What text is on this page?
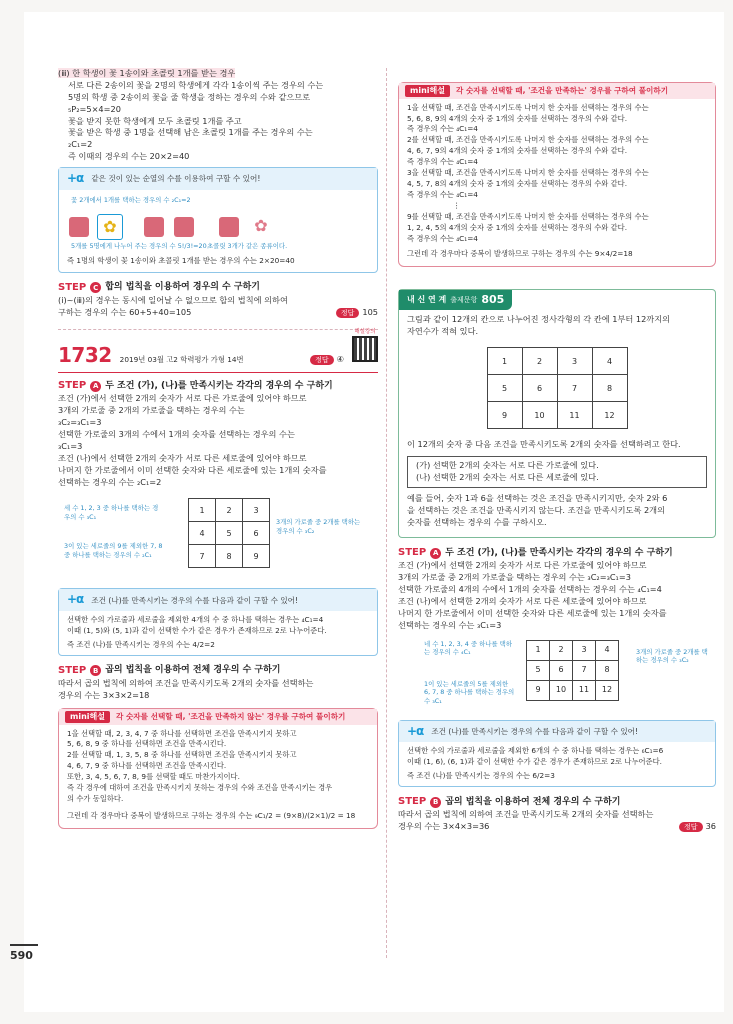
(ⅲ) 한 학생이 꽃 1송이와 초콜릿 1개를 받는 경우

서로 다른 2송이의 꽃을 2명의 학생에게 각각 1송이씩 주는 경우의 수는

5명의 학생 중 2송이의 꽃을 줄 학생을 정하는 경우의 수와 같으므로

₅P₂=5×4=20

꽃을 받지 못한 학생에게 모두 초콜릿 1개를 주고

꽃을 받은 학생 중 1명을 선택해 남은 초콜릿 1개를 주는 경우의 수는

₂C₁=2

즉 이때의 경우의 수는 20×2=40

+α 같은 것이 있는 순열의 수를 이용하여 구할 수 있어!
꽃 2개에서 1개를 택하는 경우의 수 ₂C₁=2
✿	✿
5개를 5명에게 나누어 주는 경우의 수 5!/3!=20 초콜릿 3개가 같은 종류이다.

즉 1명의 학생이 꽃 1송이와 초콜릿 1개를 받는 경우의 수는 2×20=40

STEP C 합의 법칙을 이용하여 경우의 수 구하기

(ⅰ)~(ⅲ)의 경우는 동시에 일어날 수 없으므로 합의 법칙에 의하여

구하는 경우의 수는 60+5+40=105	정답 105

1732 2019년 03월 고2 학력평가 가형 14번	정답 ④
해설강의
STEP A 두 조건 (가), (나)를 만족시키는 각각의 경우의 수 구하기

조건 (가)에서 선택한 2개의 숫자가 서로 다른 가로줄에 있어야 하므로

3개의 가로줄 중 2개의 가로줄을 택하는 경우의 수는

₃C₂=₃C₁=3

선택한 가로줄의 3개의 수에서 1개의 숫자를 선택하는 경우의 수는

₃C₁=3

조건 (나)에서 선택한 2개의 숫자가 서로 다른 세로줄에 있어야 하므로

나머지 한 가로줄에서 이미 선택한 숫자와 다른 세로줄에 있는 1개의 숫자를

선택하는 경우의 수는 ₂C₁=2

세 수 1, 2, 3 중 하나를 택하는 경우의 수 ₃C₁
3이 있는 세로줄의 9를 제외한 7, 8 중 하나를 택하는 경우의 수 ₂C₁
1	2	3
4	5	6
7	8	9
3개의 가로줄 중 2개를 택하는 경우의 수 ₃C₂
+α 조건 (나)를 만족시키는 경우의 수를 다음과 같이 구할 수 있어!

선택한 수의 가로줄과 세로줄을 제외한 4개의 수 중 하나를 택하는 경우는 ₄C₁=4

이때 (1, 5)와 (5, 1)과 같이 선택한 수가 같은 경우가 존재하므로 2로 나누어준다.

즉 조건 (나)를 만족시키는 경우의 수는 4/2=2

STEP B 곱의 법칙을 이용하여 전체 경우의 수 구하기

따라서 곱의 법칙에 의하여 조건을 만족시키도록 2개의 숫자를 선택하는

경우의 수는 3×3×2=18

mini해설	각 숫자를 선택할 때, '조건을 만족하지 않는' 경우를 구하여 풀이하기

1을 선택할 때, 2, 3, 4, 7 중 하나를 선택하면 조건을 만족시키지 못하고

5, 6, 8, 9 중 하나를 선택하면 조건을 만족시킨다.

2를 선택할 때, 1, 3, 5, 8 중 하나를 선택하면 조건을 만족시키지 못하고

4, 6, 7, 9 중 하나를 선택하면 조건을 만족시킨다.

또한, 3, 4, 5, 6, 7, 8, 9를 선택할 때도 마찬가지이다.

즉 각 경우에 대하여 조건을 만족시키지 못하는 경우의 수와 조건을 만족시키는 경우

의 수가 동일하다.

그런데 각 경우마다 중복이 발생하므로 구하는 경우의 수는 ₉C₁/2 = (9×8)/(2×1)/2 = 18

mini해설	각 숫자를 선택할 때, '조건을 만족하는' 경우를 구하여 풀이하기

1을 선택할 때, 조건을 만족시키도록 나머지 한 숫자를 선택하는 경우의 수는

5, 6, 8, 9의 4개의 숫자 중 1개의 숫자를 선택하는 경우의 수와 같다.

즉 경우의 수는 ₄C₁=4

2를 선택할 때, 조건을 만족시키도록 나머지 한 숫자를 선택하는 경우의 수는

4, 6, 7, 9의 4개의 숫자 중 1개의 숫자를 선택하는 경우의 수와 같다.

즉 경우의 수는 ₄C₁=4

3을 선택할 때, 조건을 만족시키도록 나머지 한 숫자를 선택하는 경우의 수는

4, 5, 7, 8의 4개의 숫자 중 1개의 숫자를 선택하는 경우의 수와 같다.

즉 경우의 수는 ₄C₁=4

⋮

9를 선택할 때, 조건을 만족시키도록 나머지 한 숫자를 선택하는 경우의 수는

1, 2, 4, 5의 4개의 숫자 중 1개의 숫자를 선택하는 경우의 수와 같다.

즉 경우의 수는 ₄C₁=4

그런데 각 경우마다 중복이 발생하므로 구하는 경우의 수는 9×4/2=18

내 신 연 계 출제문항 805

그림과 같이 12개의 칸으로 나누어진 정사각형의 각 칸에 1부터 12까지의

자연수가 적혀 있다.

1	2	3	4
5	6	7	8
9	10	11	12

이 12개의 숫자 중 다음 조건을 만족시키도록 2개의 숫자를 선택하려고 한다.

(가) 선택한 2개의 숫자는 서로 다른 가로줄에 있다.

(나) 선택한 2개의 숫자는 서로 다른 세로줄에 있다.

예를 들어, 숫자 1과 6을 선택하는 것은 조건을 만족시키지만, 숫자 2와 6

을 선택하는 것은 조건을 만족시키지 않는다. 조건을 만족시키도록 2개의

숫자를 선택하는 경우의 수를 구하시오.

STEP A 두 조건 (가), (나)를 만족시키는 각각의 경우의 수 구하기

조건 (가)에서 선택한 2개의 숫자가 서로 다른 가로줄에 있어야 하므로

3개의 가로줄 중 2개의 가로줄을 택하는 경우의 수는 ₃C₂=₃C₁=3

선택한 가로줄의 4개의 수에서 1개의 숫자를 선택하는 경우의 수는 ₄C₁=4

조건 (나)에서 선택한 2개의 숫자가 서로 다른 세로줄에 있어야 하므로

나머지 한 가로줄에서 이미 선택한 숫자와 다른 세로줄에 있는 1개의 숫자를

선택하는 경우의 수는 ₃C₁=3

네 수 1, 2, 3, 4 중 하나를 택하는 경우의 수 ₄C₁
1이 있는 세로줄의 5를 제외한 6, 7, 8 중 하나를 택하는 경우의 수 ₃C₁
1	2	3	4
5	6	7	8
9	10	11	12
3개의 가로줄 중 2개를 택하는 경우의 수 ₃C₂
+α 조건 (나)를 만족시키는 경우의 수를 다음과 같이 구할 수 있어!

선택한 수의 가로줄과 세로줄을 제외한 6개의 수 중 하나를 택하는 경우는 ₆C₁=6

이때 (1, 6), (6, 1)과 같이 선택한 수가 같은 경우가 존재하므로 2로 나누어준다.

즉 조건 (나)를 만족시키는 경우의 수는 6/2=3

STEP B 곱의 법칙을 이용하여 전체 경우의 수 구하기

따라서 곱의 법칙에 의하여 조건을 만족시키도록 2개의 숫자를 선택하는

경우의 수는 3×4×3=36	정답 36

590
